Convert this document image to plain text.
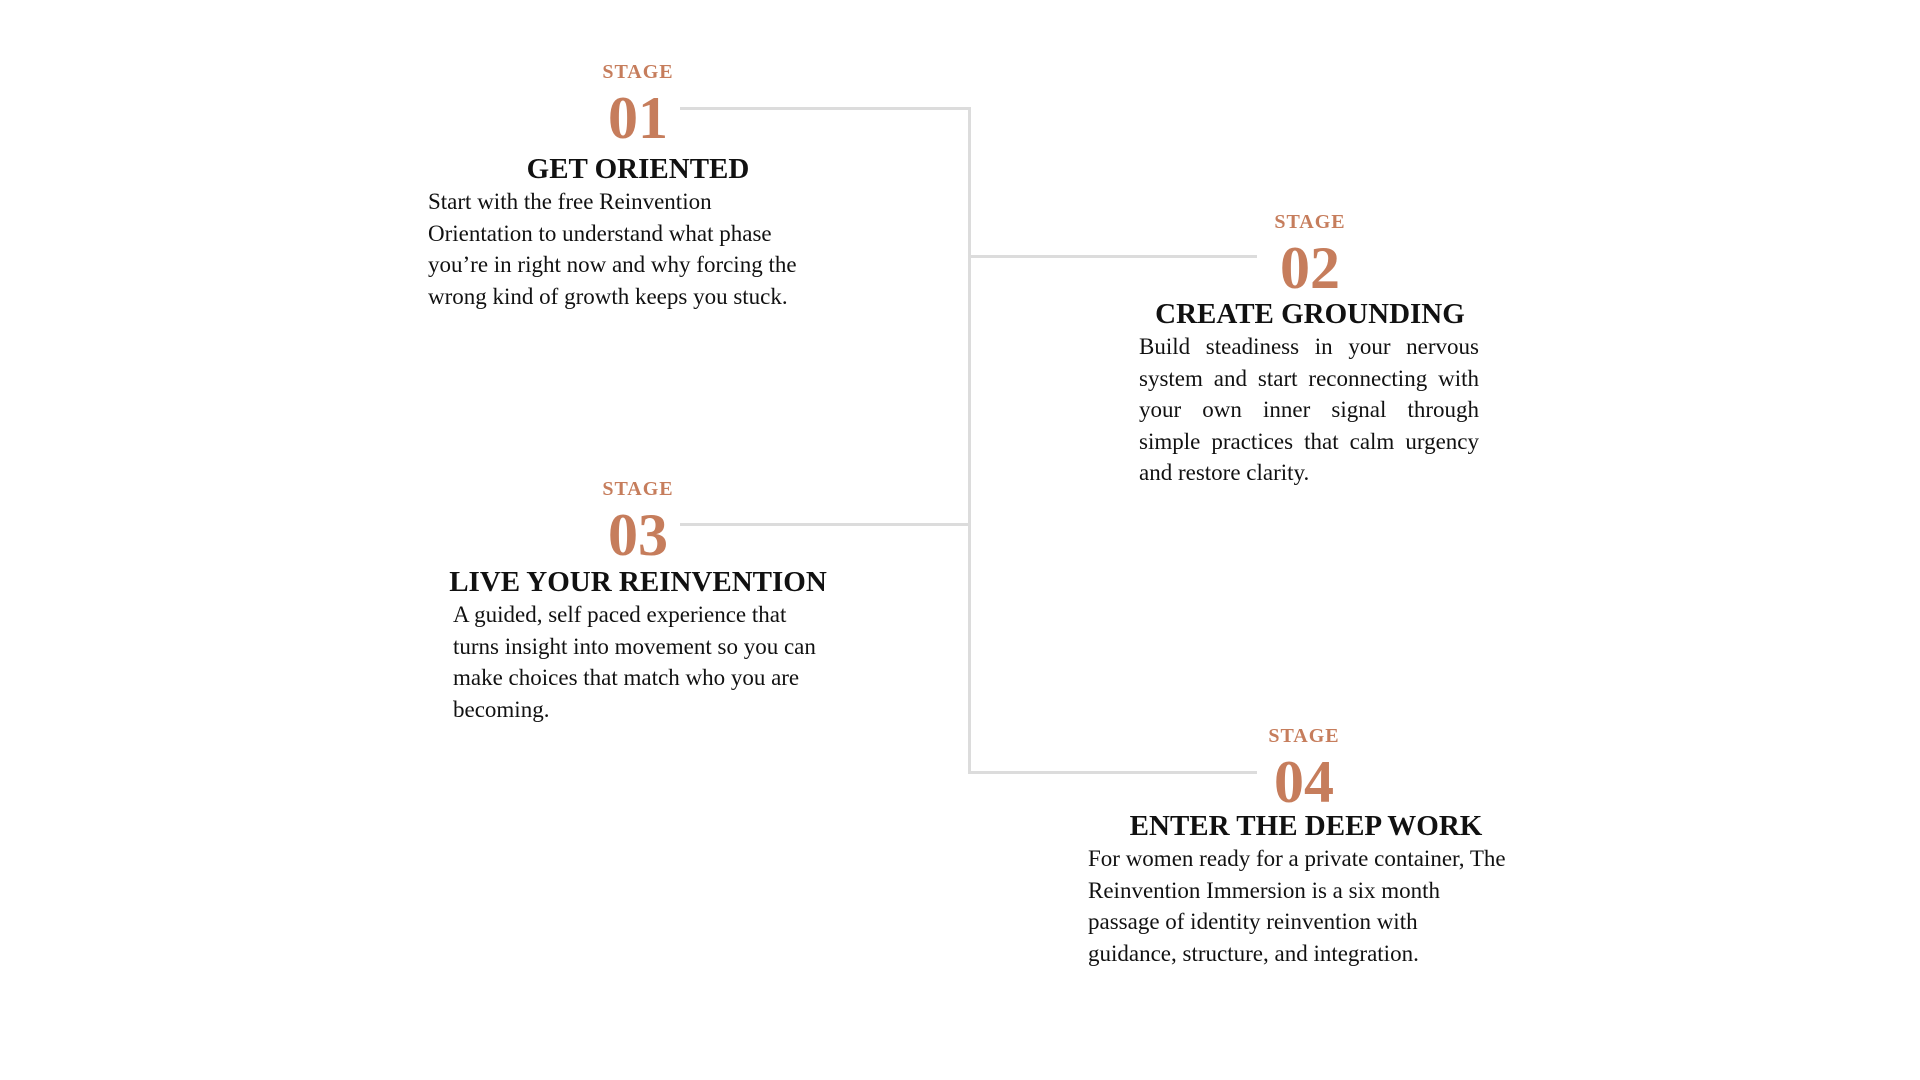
STAGE
01
GET ORIENTED

Start with the free Reinvention Orientation to understand what phase you’re in right now and why forcing the wrong kind of growth keeps you stuck.

STAGE
02
CREATE GROUNDING

Build steadiness in your nervous system and start reconnecting with your own inner signal through simple practices that calm urgency and restore clarity.

STAGE
03
LIVE YOUR REINVENTION

A guided, self paced experience that turns insight into movement so you can make choices that match who you are becoming.

STAGE
04
ENTER THE DEEP WORK

For women ready for a private container, The Reinvention Immersion is a six month passage of identity reinvention with guidance, structure, and integration.
